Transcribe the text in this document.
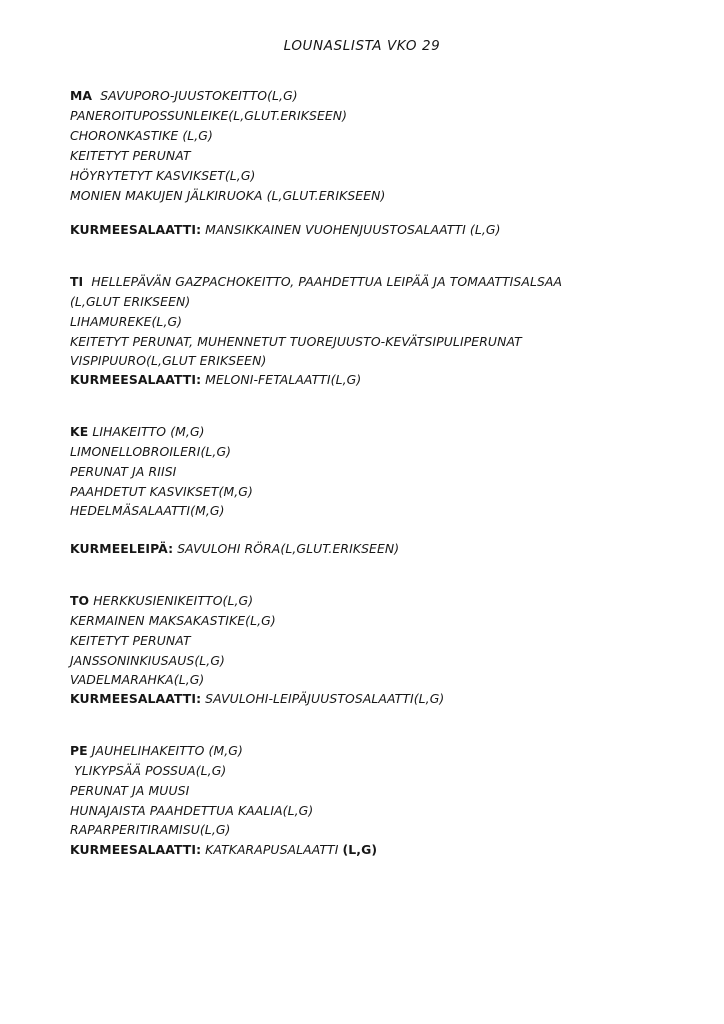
LOUNASLISTA VKO 29
MA SAVUPORO-JUUSTOKEITTO(L,G)
PANEROITUPOSSUNLEIKE(L,GLUT.ERIKSEEN)
CHORONKASTIKE (L,G)
KEITETYT PERUNAT
HÖYRYTETYT KASVIKSET(L,G)
MONIEN MAKUJEN JÄLKIRUOKA (L,GLUT.ERIKSEEN)
KURMEESALAATTI: MANSIKKAINEN VUOHENJUUSTOSALAATTI (L,G)
TI HELLEPÄVÄN GAZPACHOKEITTO, PAAHDETTUA LEIPÄÄ JA TOMAATTISALSAA
(L,GLUT ERIKSEEN)
LIHAMUREKE(L,G)
KEITETYT PERUNAT, MUHENNETUT TUOREJUUSTO-KEVÄTSIPULIPERUNAT
VISPIPUURO(L,GLUT ERIKSEEN)
KURMEESALAATTI: MELONI-FETALAATTI(L,G)
KE LIHAKEITTO (M,G)
LIMONELLOBROILERI(L,G)
PERUNAT JA RIISI
PAAHDETUT KASVIKSET(M,G)
HEDELMÄSALAATTI(M,G)
KURMEELEIPÄ: SAVULOHI RÖRA(L,GLUT.ERIKSEEN)
TO HERKKUSIENIKEITTO(L,G)
KERMAINEN MAKSAKASTIKE(L,G)
KEITETYT PERUNAT
JANSSONINKIUSAUS(L,G)
VADELMARAHKA(L,G)
KURMEESALAATTI: SAVULOHI-LEIPÄJUUSTOSALAATTI(L,G)
PE JAUHELIHAKEITTO (M,G)
YLIKYPSÄÄ POSSUA(L,G)
PERUNAT JA MUUSI
HUNAJAISTA PAAHDETTUA KAALIA(L,G)
RAPARPERITIRAMISU(L,G)
KURMEESALAATTI: KATKARAPUSALAATTI (L,G)
